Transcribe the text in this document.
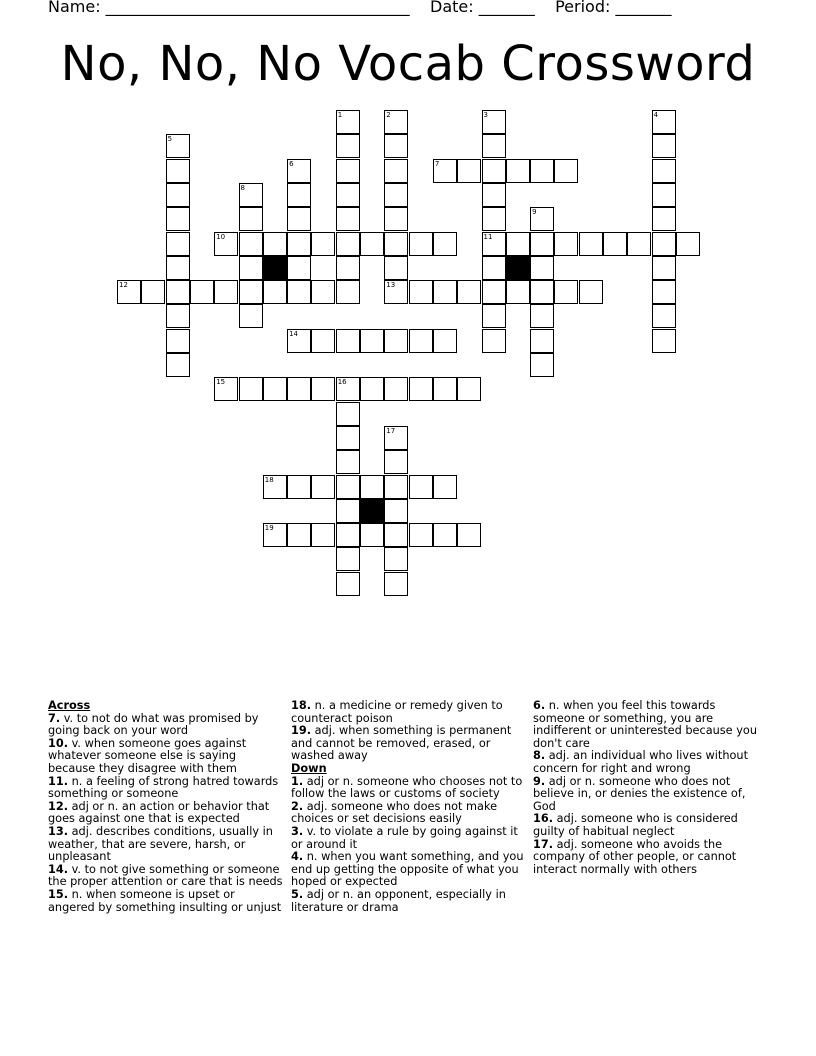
Name: ______________________________________    Date: _______    Period: _______
No, No, No Vocab Crossword
1	2
13
3
11
4
5
6	7
8
9
10
12
14
15	16
17
18
19

Across

7. v. to not do what was promised by going back on your word

10. v. when someone goes against whatever someone else is saying because they disagree with them

11. n. a feeling of strong hatred towards something or someone

12. adj or n. an action or behavior that goes against one that is expected

13. adj. describes conditions, usually in weather, that are severe, harsh, or unpleasant

14. v. to not give something or someone the proper attention or care that is needs

15. n. when someone is upset or angered by something insulting or unjust

18. n. a medicine or remedy given to counteract poison

19. adj. when something is permanent and cannot be removed, erased, or washed away

Down

1. adj or n. someone who chooses not to follow the laws or customs of society

2. adj. someone who does not make choices or set decisions easily

3. v. to violate a rule by going against it or around it

4. n. when you want something, and you end up getting the opposite of what you hoped or expected

5. adj or n. an opponent, especially in literature or drama

6. n. when you feel this towards someone or something, you are indifferent or uninterested because you don't care

8. adj. an individual who lives without concern for right and wrong

9. adj or n. someone who does not believe in, or denies the existence of, God

16. adj. someone who is considered guilty of habitual neglect

17. adj. someone who avoids the company of other people, or cannot interact normally with others
